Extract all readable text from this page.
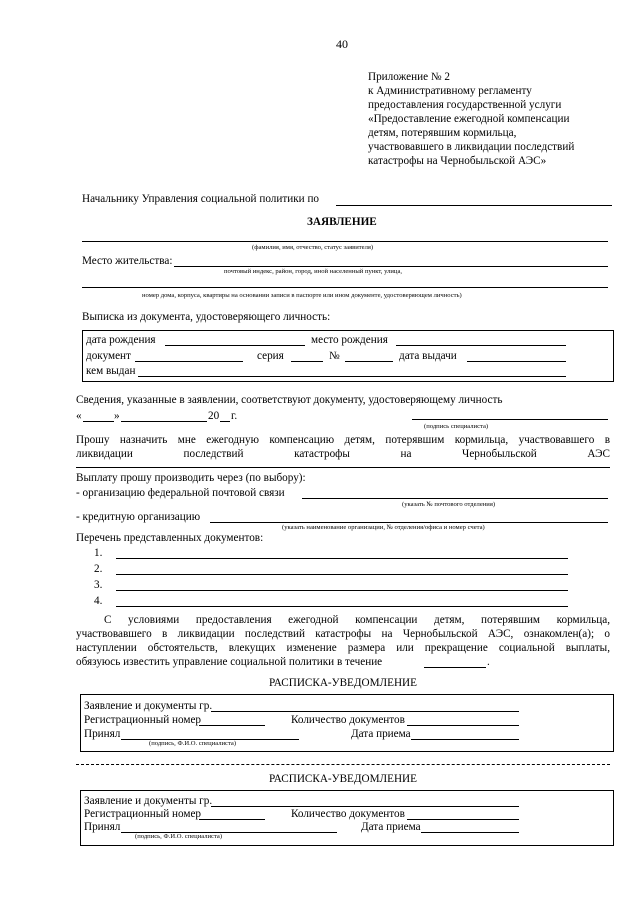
40
Приложение № 2
к Административному регламенту
предоставления государственной услуги
«Предоставление ежегодной компенсации
детям, потерявшим кормильца,
участвовавшего в ликвидации последствий
катастрофы на Чернобыльской АЭС»
Начальнику Управления социальной политики по
ЗАЯВЛЕНИЕ
(фамилия, имя, отчество, статус заявителя)
Место жительства:
почтовый индекс, район, город, иной населенный пункт, улица,
номер дома, корпуса, квартиры на основании записи в паспорте или ином документе, удостоверяющем личность)
Выписка из документа, удостоверяющего личность:
дата рождения	место рождения
документ	серия	№	дата выдачи
кем выдан
Сведения, указанные в заявлении, соответствуют документу, удостоверяющему личность
«	»	20 г.
(подпись специалиста)
Прошу назначить мне ежегодную компенсацию детям, потерявшим кормильца, участвовавшего в
ликвидации последствий катастрофы на Чернобыльской АЭС
Выплату прошу производить через (по выбору):
- организацию федеральной почтовой связи
(указать № почтового отделения)
- кредитную организацию
(указать наименование организации, № отделения/офиса и номер счета)
Перечень представленных документов:
1.
2.
3.
4.
С условиями предоставления ежегодной компенсации детям, потерявшим кормильца,
участвовавшего в ликвидации последствий катастрофы на Чернобыльской АЭС, ознакомлен(а); о
наступлении обстоятельств, влекущих изменение размера или прекращение социальной выплаты,
обязуюсь известить управление социальной политики в течение	.
РАСПИСКА-УВЕДОМЛЕНИЕ
Заявление и документы гр.
Регистрационный номер	Количество документов
Принял	Дата приема
(подпись, Ф.И.О. специалиста)
РАСПИСКА-УВЕДОМЛЕНИЕ
Заявление и документы гр.
Регистрационный номер	Количество документов
Принял	Дата приема
(подпись, Ф.И.О. специалиста)
